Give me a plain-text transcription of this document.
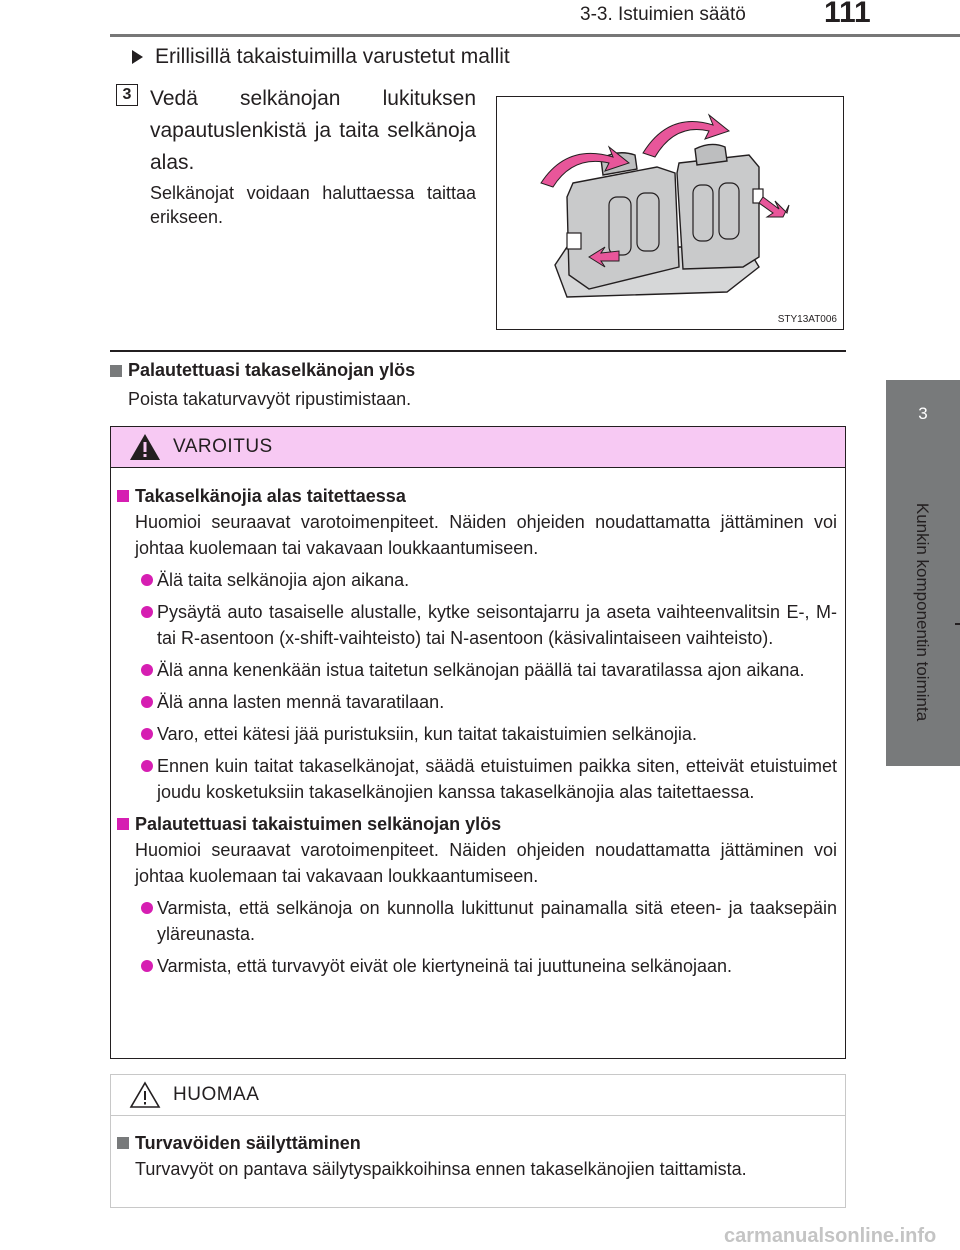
3-3. Istuimien säätö	111
3
Kunkin komponentin toiminta
Erillisillä takaistuimilla varustetut mallit
3 Vedä selkänojan lukituksen vapautuslenkistä ja taita selkänoja alas.
Selkänojat voidaan haluttaessa taittaa erikseen.
STY13AT006
Palautettuasi takaselkänojan ylös
Poista takaturvavyöt ripustimistaan.
VAROITUS
Takaselkänojia alas taitettaessa
Huomioi seuraavat varotoimenpiteet. Näiden ohjeiden noudattamatta jättäminen voi johtaa kuolemaan tai vakavaan loukkaantumiseen.
Älä taita selkänojia ajon aikana.
Pysäytä auto tasaiselle alustalle, kytke seisontajarru ja aseta vaihteenvalitsin E-, M- tai R-asentoon (x-shift-vaihteisto) tai N-asentoon (käsivalintaiseen vaihteisto).
Älä anna kenenkään istua taitetun selkänojan päällä tai tavaratilassa ajon aikana.
Älä anna lasten mennä tavaratilaan.
Varo, ettei kätesi jää puristuksiin, kun taitat takaistuimien selkänojia.
Ennen kuin taitat takaselkänojat, säädä etuistuimen paikka siten, etteivät etuistuimet joudu kosketuksiin takaselkänojien kanssa takaselkänojia alas taitettaessa.
Palautettuasi takaistuimen selkänojan ylös
Huomioi seuraavat varotoimenpiteet. Näiden ohjeiden noudattamatta jättäminen voi johtaa kuolemaan tai vakavaan loukkaantumiseen.
Varmista, että selkänoja on kunnolla lukittunut painamalla sitä eteen- ja taaksepäin yläreunasta.
Varmista, että turvavyöt eivät ole kiertyneinä tai juuttuneina selkänojaan.
HUOMAA
Turvavöiden säilyttäminen
Turvavyöt on pantava säilytyspaikkoihinsa ennen takaselkänojien taittamista.
carmanualsonline.info
